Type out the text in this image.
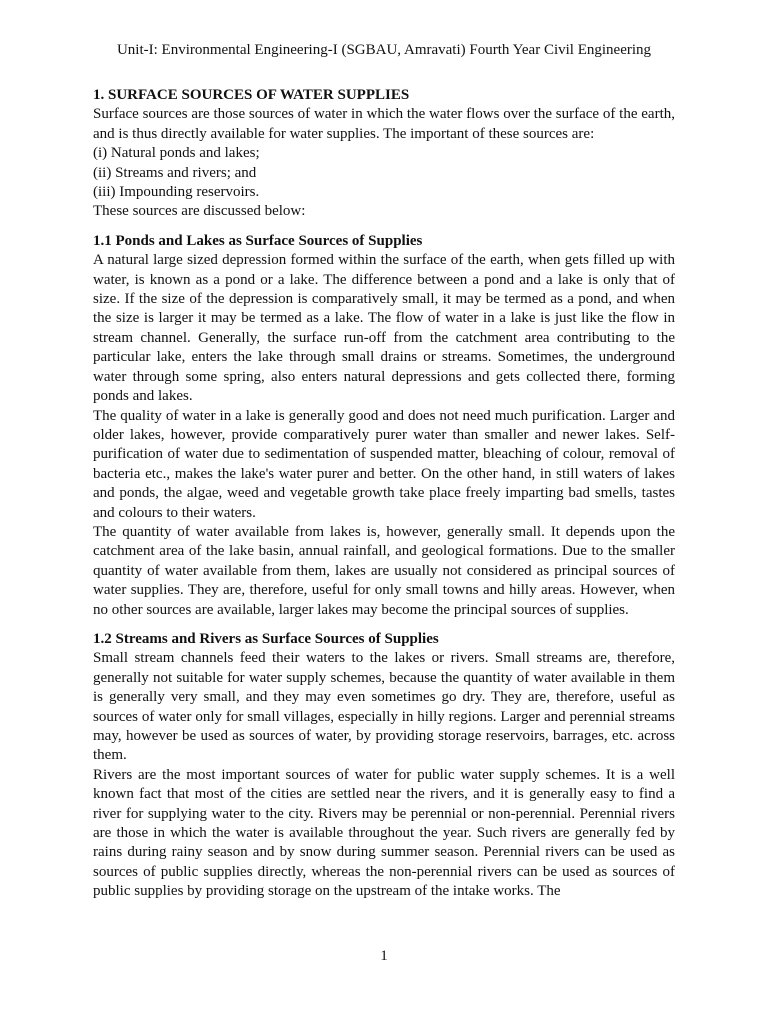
Unit-I: Environmental Engineering-I (SGBAU, Amravati) Fourth Year Civil Engineering

1. SURFACE SOURCES OF WATER SUPPLIES

Surface sources are those sources of water in which the water flows over the surface of the earth, and is thus directly available for water supplies. The important of these sources are:

(i) Natural ponds and lakes;

(ii) Streams and rivers; and

(iii) Impounding reservoirs.

These sources are discussed below:

1.1 Ponds and Lakes as Surface Sources of Supplies

A natural large sized depression formed within the surface of the earth, when gets filled up with water, is known as a pond or a lake. The difference between a pond and a lake is only that of size. If the size of the depression is comparatively small, it may be termed as a pond, and when the size is larger it may be termed as a lake. The flow of water in a lake is just like the flow in stream channel. Generally, the surface run-off from the catchment area contributing to the particular lake, enters the lake through small drains or streams. Sometimes, the underground water through some spring, also enters natural depressions and gets collected there, forming ponds and lakes.

The quality of water in a lake is generally good and does not need much purification. Larger and older lakes, however, provide comparatively purer water than smaller and newer lakes. Self-purification of water due to sedimentation of suspended matter, bleaching of colour, removal of bacteria etc., makes the lake's water purer and better. On the other hand, in still waters of lakes and ponds, the algae, weed and vegetable growth take place freely imparting bad smells, tastes and colours to their waters.

The quantity of water available from lakes is, however, generally small. It depends upon the catchment area of the lake basin, annual rainfall, and geological formations. Due to the smaller quantity of water available from them, lakes are usually not considered as principal sources of water supplies. They are, therefore, useful for only small towns and hilly areas. However, when no other sources are available, larger lakes may become the principal sources of supplies.

1.2 Streams and Rivers as Surface Sources of Supplies

Small stream channels feed their waters to the lakes or rivers. Small streams are, therefore, generally not suitable for water supply schemes, because the quantity of water available in them is generally very small, and they may even sometimes go dry. They are, therefore, useful as sources of water only for small villages, especially in hilly regions. Larger and perennial streams may, however be used as sources of water, by providing storage reservoirs, barrages, etc. across them.

Rivers are the most important sources of water for public water supply schemes. It is a well known fact that most of the cities are settled near the rivers, and it is generally easy to find a river for supplying water to the city. Rivers may be perennial or non-perennial. Perennial rivers are those in which the water is available throughout the year. Such rivers are generally fed by rains during rainy season and by snow during summer season. Perennial rivers can be used as sources of public supplies directly, whereas the non-perennial rivers can be used as sources of public supplies by providing storage on the upstream of the intake works. The

1
